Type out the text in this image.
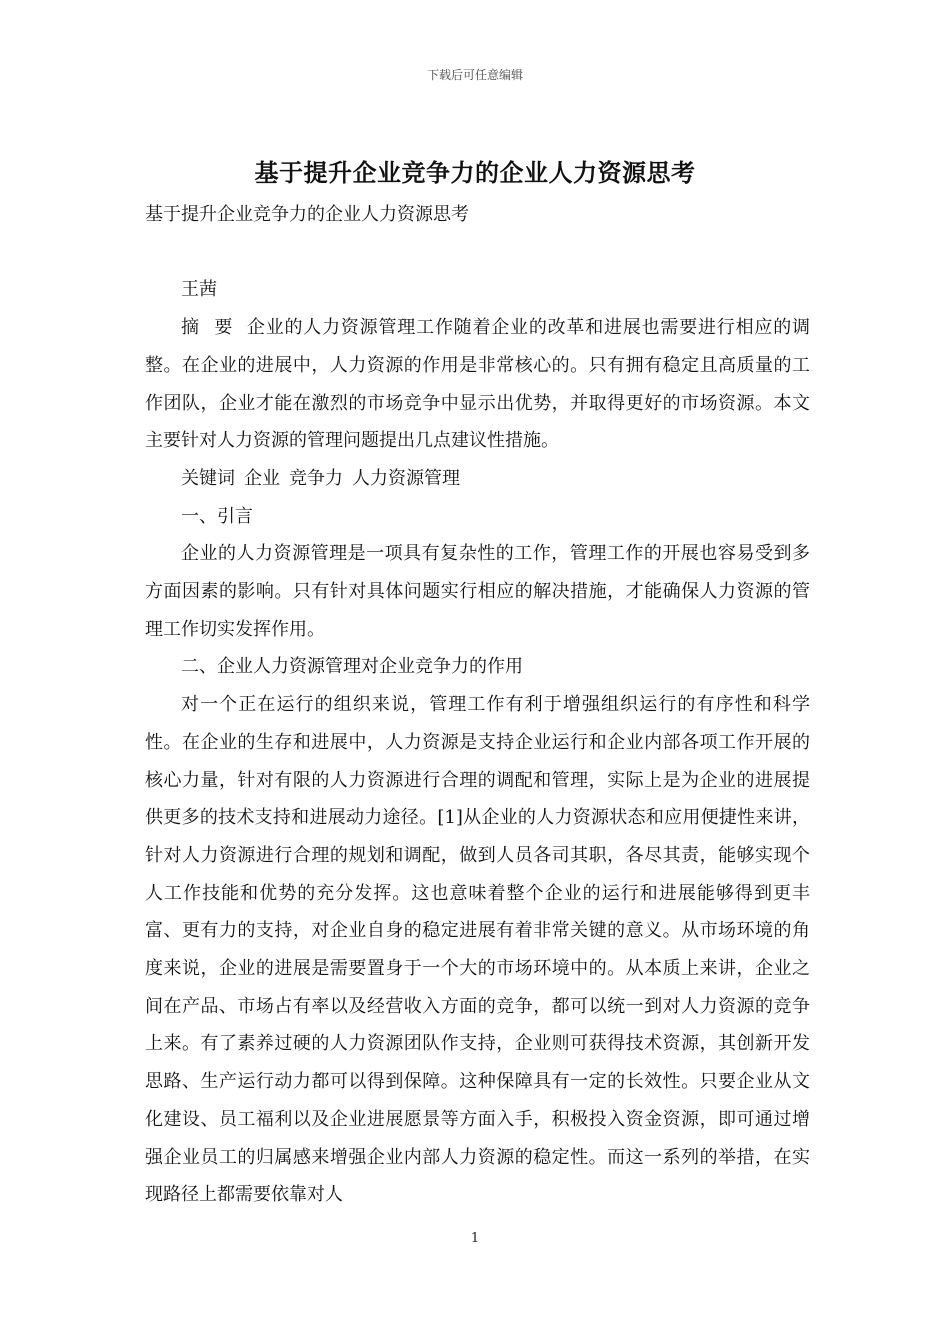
下载后可任意编辑
基于提升企业竞争力的企业人力资源思考

基于提升企业竞争力的企业人力资源思考

王茜

摘 要 企业的人力资源管理工作随着企业的改革和进展也需要进行相应的调整。在企业的进展中，人力资源的作用是非常核心的。只有拥有稳定且高质量的工作团队，企业才能在激烈的市场竞争中显示出优势，并取得更好的市场资源。本文主要针对人力资源的管理问题提出几点建议性措施。

关键词 企业 竞争力 人力资源管理

一、引言

企业的人力资源管理是一项具有复杂性的工作，管理工作的开展也容易受到多方面因素的影响。只有针对具体问题实行相应的解决措施，才能确保人力资源的管理工作切实发挥作用。

二、企业人力资源管理对企业竞争力的作用

对一个正在运行的组织来说，管理工作有利于增强组织运行的有序性和科学性。在企业的生存和进展中，人力资源是支持企业运行和企业内部各项工作开展的核心力量，针对有限的人力资源进行合理的调配和管理，实际上是为企业的进展提供更多的技术支持和进展动力途径。[1]从企业的人力资源状态和应用便捷性来讲，针对人力资源进行合理的规划和调配，做到人员各司其职，各尽其责，能够实现个人工作技能和优势的充分发挥。这也意味着整个企业的运行和进展能够得到更丰富、更有力的支持，对企业自身的稳定进展有着非常关键的意义。从市场环境的角度来说，企业的进展是需要置身于一个大的市场环境中的。从本质上来讲，企业之间在产品、市场占有率以及经营收入方面的竞争，都可以统一到对人力资源的竞争上来。有了素养过硬的人力资源团队作支持，企业则可获得技术资源，其创新开发思路、生产运行动力都可以得到保障。这种保障具有一定的长效性。只要企业从文化建设、员工福利以及企业进展愿景等方面入手，积极投入资金资源，即可通过增强企业员工的归属感来增强企业内部人力资源的稳定性。而这一系列的举措，在实现路径上都需要依靠对人

1
